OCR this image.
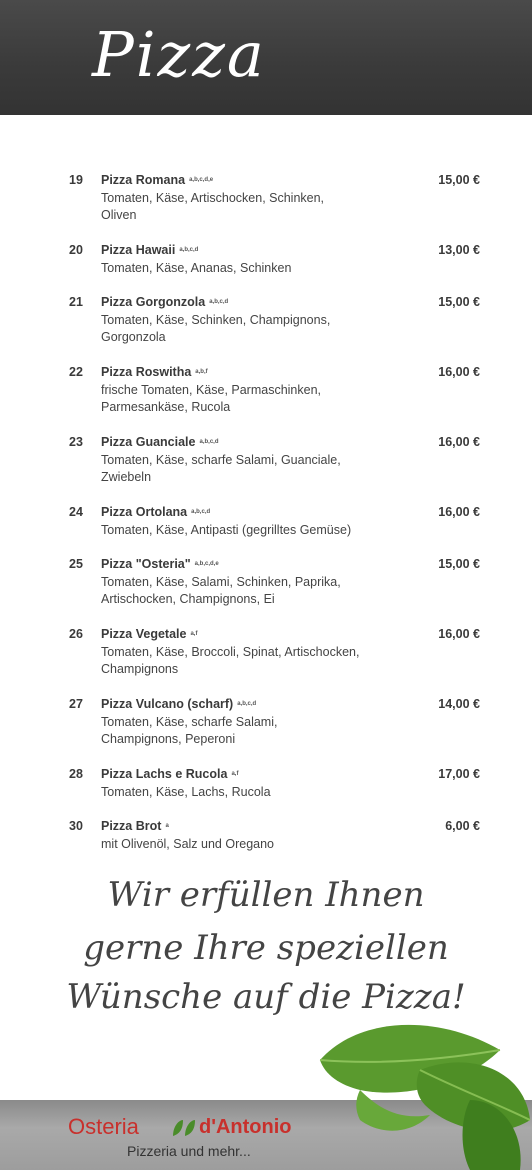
Pizza
19 Pizza Romana a,b,c,d,e
Tomaten, Käse, Artischocken, Schinken, Oliven
15,00 €
20 Pizza Hawaii a,b,c,d
Tomaten, Käse, Ananas, Schinken
13,00 €
21 Pizza Gorgonzola a,b,c,d
Tomaten, Käse, Schinken, Champignons, Gorgonzola
15,00 €
22 Pizza Roswitha a,b,f
frische Tomaten, Käse, Parmaschinken, Parmesankäse, Rucola
16,00 €
23 Pizza Guanciale a,b,c,d
Tomaten, Käse, scharfe Salami, Guanciale, Zwiebeln
16,00 €
24 Pizza Ortolana a,b,c,d
Tomaten, Käse, Antipasti (gegrilltes Gemüse)
16,00 €
25 Pizza "Osteria" a,b,c,d,e
Tomaten, Käse, Salami, Schinken, Paprika, Artischocken, Champignons, Ei
15,00 €
26 Pizza Vegetale a,f
Tomaten, Käse, Broccoli, Spinat, Artischocken, Champignons
16,00 €
27 Pizza Vulcano (scharf) a,b,c,d
Tomaten, Käse, scharfe Salami, Champignons, Peperoni
14,00 €
28 Pizza Lachs e Rucola a,f
Tomaten, Käse, Lachs, Rucola
17,00 €
30 Pizza Brot a
mit Olivenöl, Salz und Oregano
6,00 €
Wir erfüllen Ihnen
gerne Ihre speziellen
Wünsche auf die Pizza!
Osteria	d'Antonio
Pizzeria und mehr...
